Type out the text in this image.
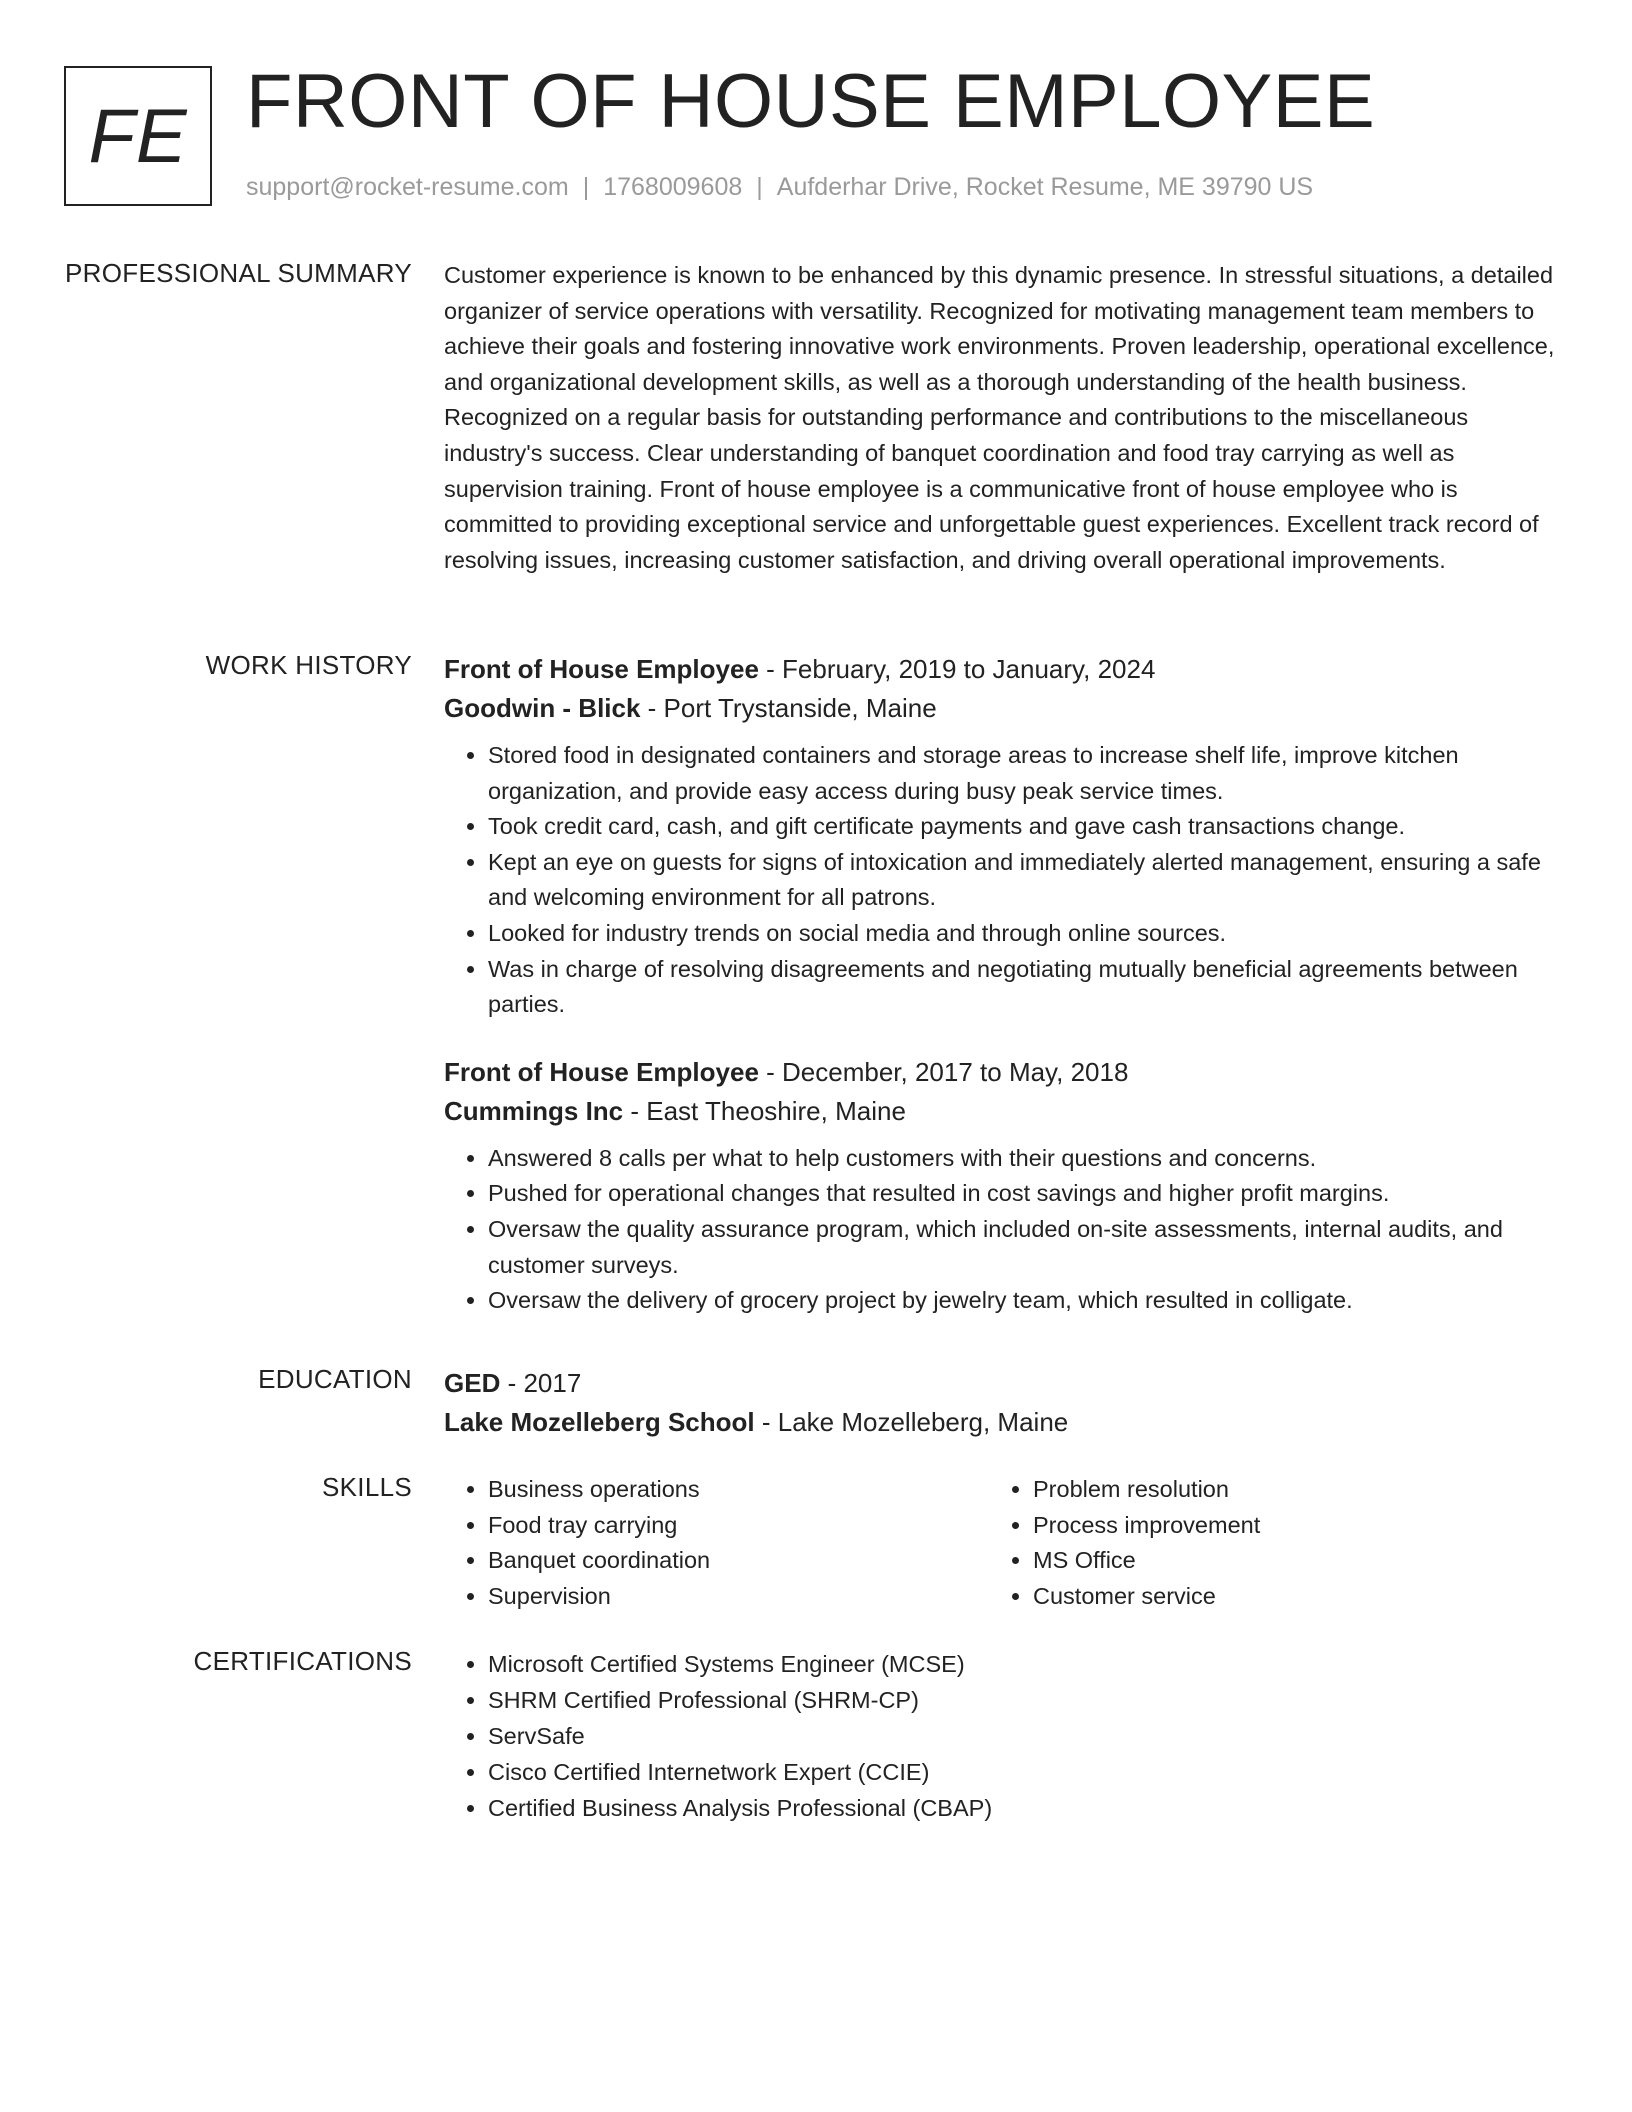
FE FRONT OF HOUSE EMPLOYEE
support@rocket-resume.com | 1768009608 | Aufderhar Drive, Rocket Resume, ME 39790 US
PROFESSIONAL SUMMARY Customer experience is known to be enhanced by this dynamic presence. In stressful situations, a detailed organizer of service operations with versatility. Recognized for motivating management team members to achieve their goals and fostering innovative work environments. Proven leadership, operational excellence, and organizational development skills, as well as a thorough understanding of the health business. Recognized on a regular basis for outstanding performance and contributions to the miscellaneous industry's success. Clear understanding of banquet coordination and food tray carrying as well as supervision training. Front of house employee is a communicative front of house employee who is committed to providing exceptional service and unforgettable guest experiences. Excellent track record of resolving issues, increasing customer satisfaction, and driving overall operational improvements.
WORK HISTORY Front of House Employee - February, 2019 to January, 2024
Goodwin - Blick - Port Trystanside, Maine
• Stored food in designated containers and storage areas to increase shelf life, improve kitchen organization, and provide easy access during busy peak service times.
• Took credit card, cash, and gift certificate payments and gave cash transactions change.
• Kept an eye on guests for signs of intoxication and immediately alerted management, ensuring a safe and welcoming environment for all patrons.
• Looked for industry trends on social media and through online sources.
• Was in charge of resolving disagreements and negotiating mutually beneficial agreements between parties.
Front of House Employee - December, 2017 to May, 2018
Cummings Inc - East Theoshire, Maine
• Answered 8 calls per what to help customers with their questions and concerns.
• Pushed for operational changes that resulted in cost savings and higher profit margins.
• Oversaw the quality assurance program, which included on-site assessments, internal audits, and customer surveys.
• Oversaw the delivery of grocery project by jewelry team, which resulted in colligate.
EDUCATION GED - 2017
Lake Mozelleberg School - Lake Mozelleberg, Maine
SKILLS	• Business operations
• Food tray carrying
• Banquet coordination
• Supervision
• Problem resolution
• Process improvement
• MS Office
• Customer service
CERTIFICATIONS	• Microsoft Certified Systems Engineer (MCSE)
• SHRM Certified Professional (SHRM-CP)
• ServSafe
• Cisco Certified Internetwork Expert (CCIE)
• Certified Business Analysis Professional (CBAP)
